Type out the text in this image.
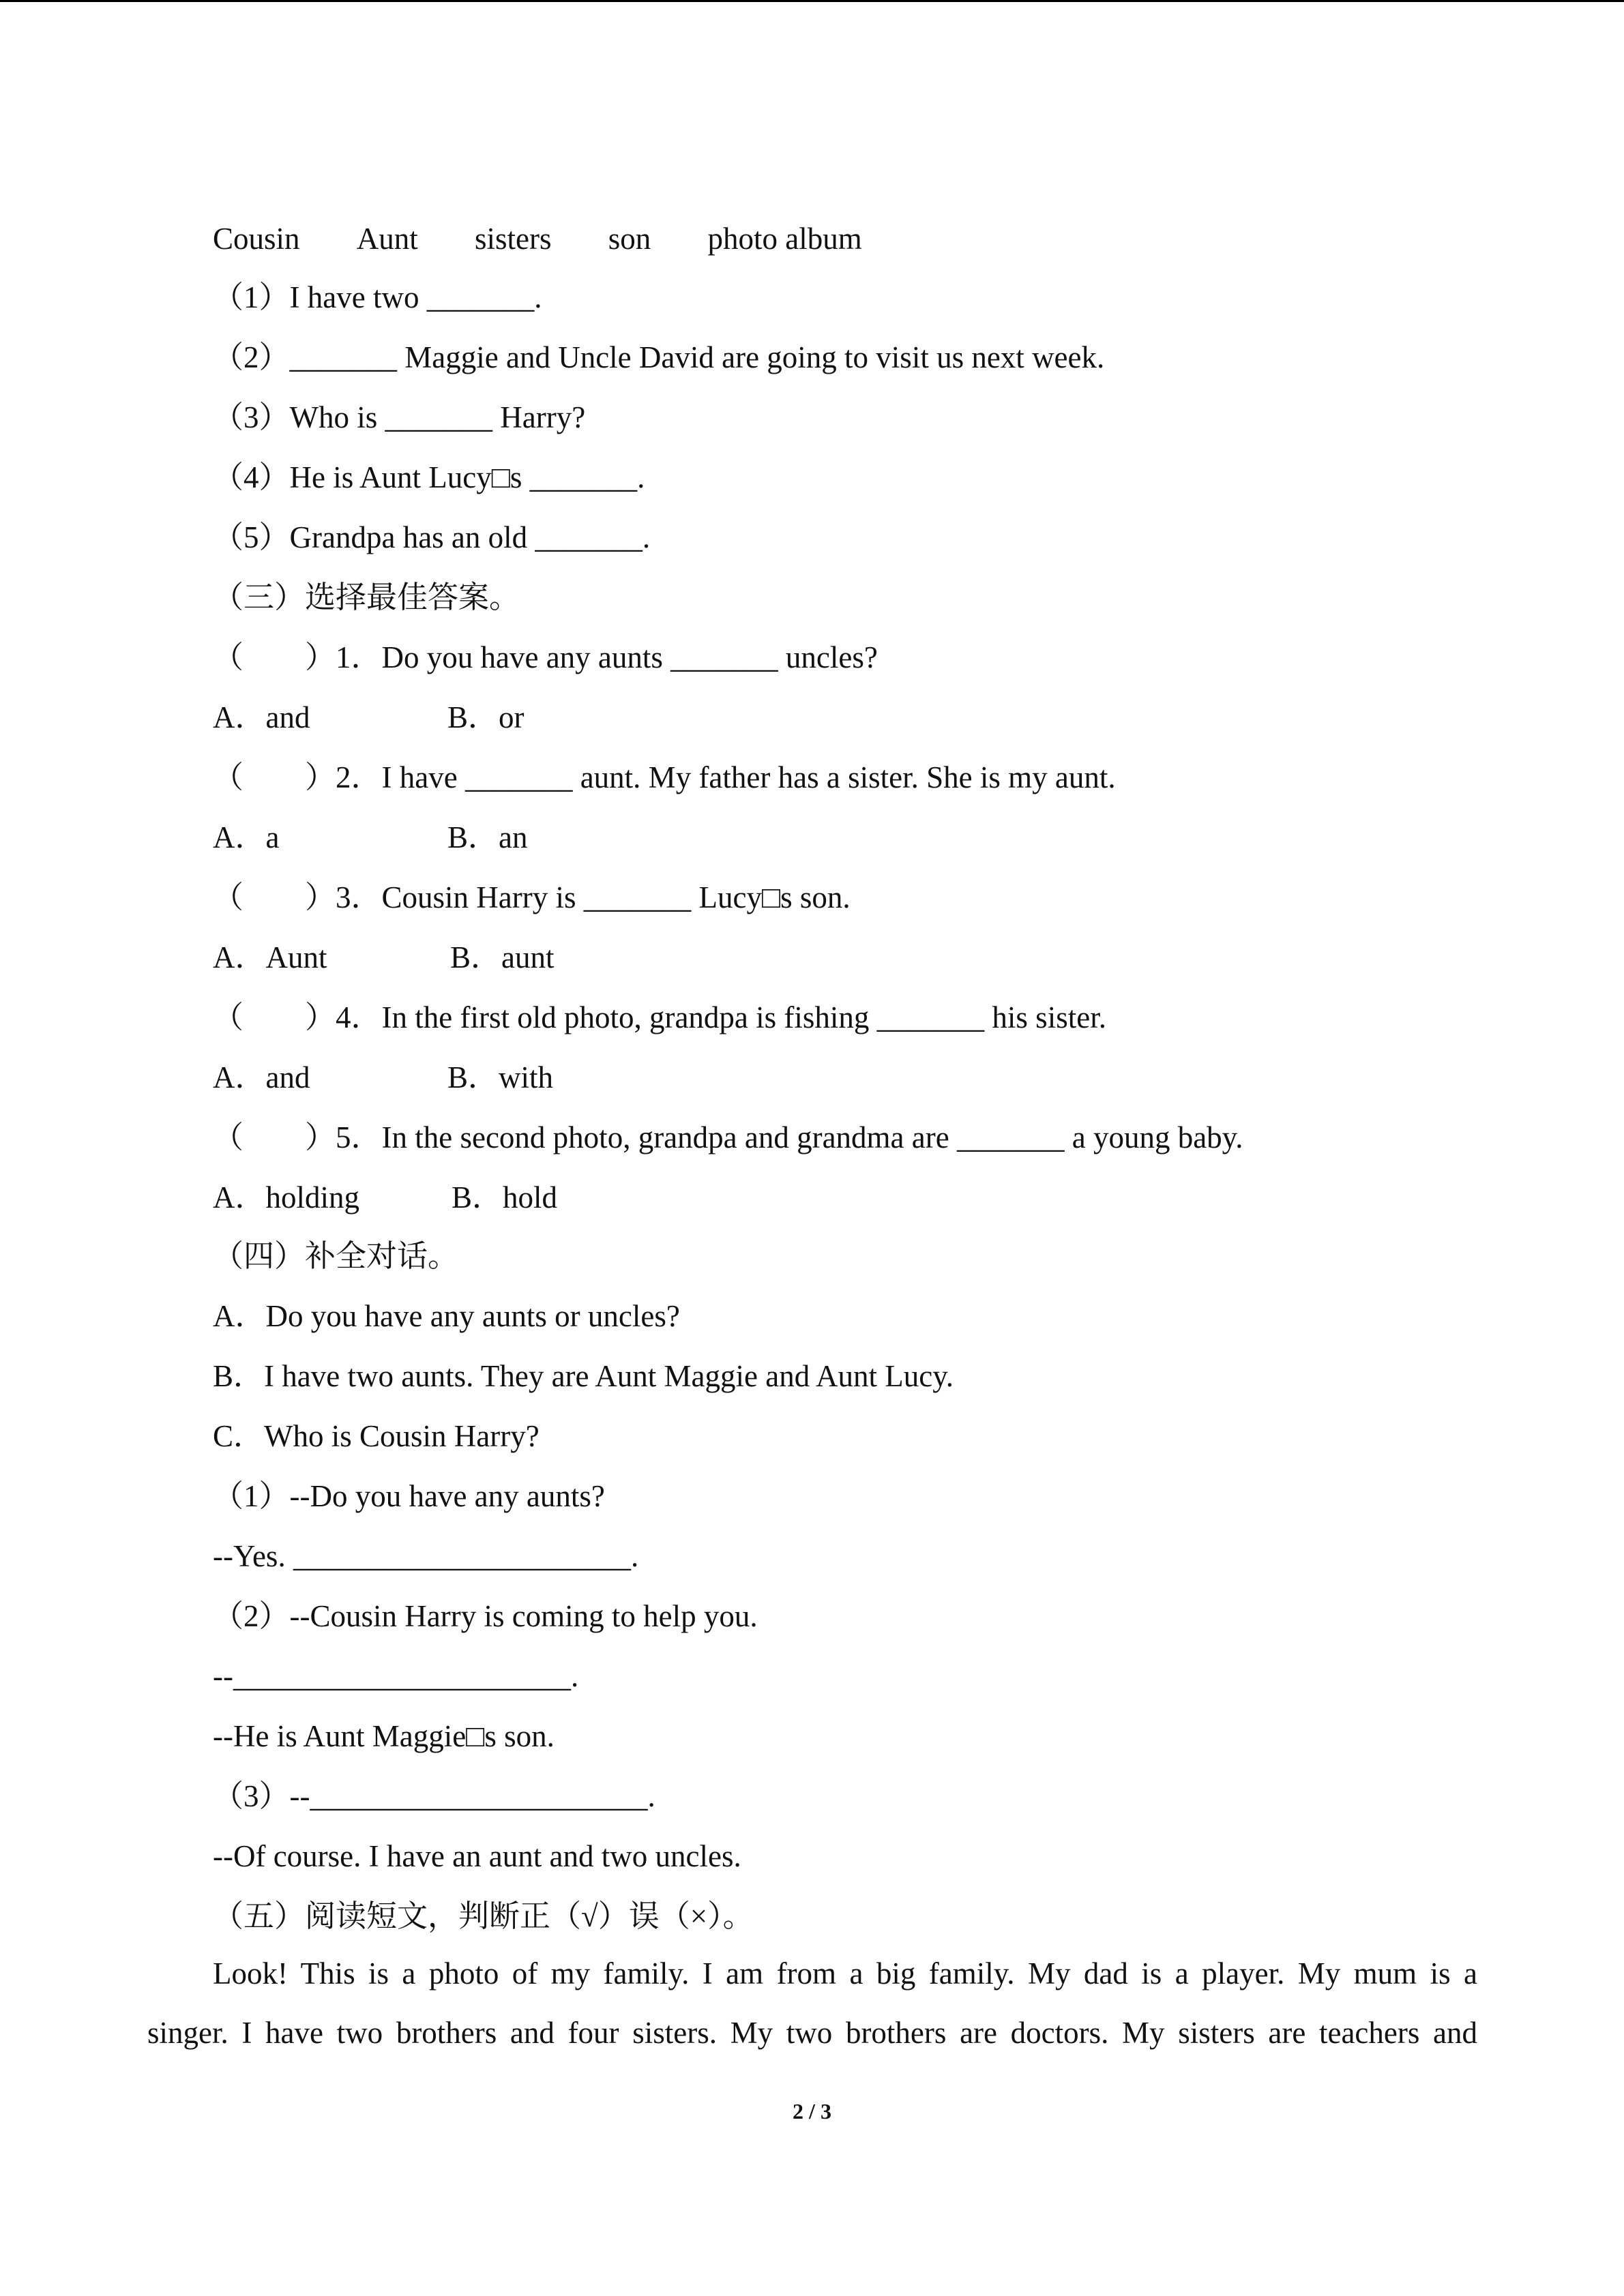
Cousin Aunt sisters son photo album
（1）I have two _______.
（2）_______ Maggie and Uncle David are going to visit us next week.
（3）Who is _______ Harry?
（4）He is Aunt Lucy□s _______.
（5）Grandpa has an old _______.
（三）选择最佳答案。
（　　）1．Do you have any aunts _______ uncles?
A．and	B．or
（　　）2．I have _______ aunt. My father has a sister. She is my aunt.
A．a	B．an
（　　）3．Cousin Harry is _______ Lucy□s son.
A．Aunt	B．aunt
（　　）4．In the first old photo, grandpa is fishing _______ his sister.
A．and	B．with
（　　）5．In the second photo, grandpa and grandma are _______ a young baby.
A．holding	B．hold
（四）补全对话。
A．Do you have any aunts or uncles?
B．I have two aunts. They are Aunt Maggie and Aunt Lucy.
C．Who is Cousin Harry?
（1）--Do you have any aunts?
--Yes. ______________________.
（2）--Cousin Harry is coming to help you.
--______________________.
--He is Aunt Maggie□s son.
（3）--______________________.
--Of course. I have an aunt and two uncles.
（五）阅读短文，判断正（√）误（×）。
Look! This is a photo of my family. I am from a big family. My dad is a player. My mum is a
singer. I have two brothers and four sisters. My two brothers are doctors. My sisters are teachers and
2 / 3
